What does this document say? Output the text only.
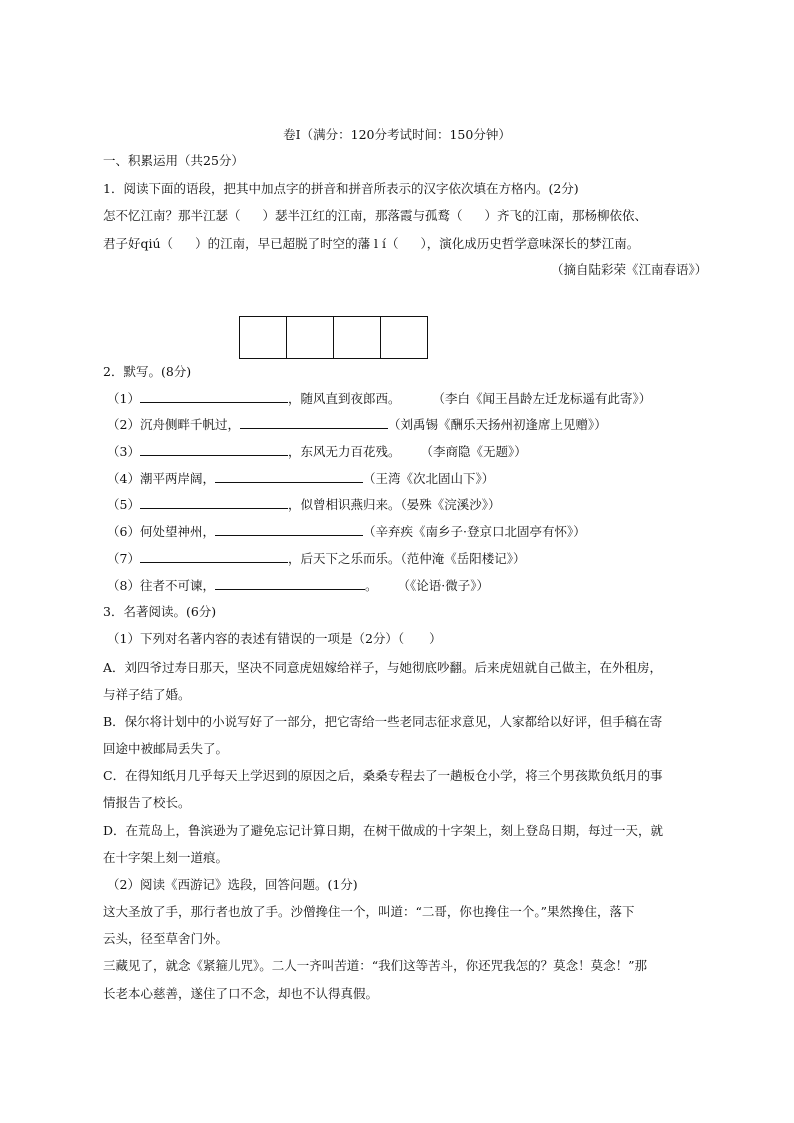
卷Ⅰ（满分：120分考试时间：150分钟）
一、积累运用（共25分）
1．阅读下面的语段，把其中加点字的拼音和拼音所表示的汉字依次填在方格内。(2分)
怎不忆江南？那半江瑟（ ）瑟半江红的江南，那落霞与孤鹜（ ）齐飞的江南，那杨柳依依、
君子好qiú（ ）的江南，早已超脱了时空的藩 l í（ ），演化成历史哲学意味深长的梦江南。
（摘自陆彩荣《江南春语》）
2．默写。(8分)
（1）	，随风直到夜郎西。	（李白《闻王昌龄左迁龙标遥有此寄》）
（2）沉舟侧畔千帆过，	（刘禹锡《酬乐天扬州初逢席上见赠》）
（3）	，东风无力百花残。 （李商隐《无题》）
（4）潮平两岸阔，	（王湾《次北固山下》）
（5）	，似曾相识燕归来。（晏殊《浣溪沙》）
（6）何处望神州，	（辛弃疾《南乡子·登京口北固亭有怀》）
（7）	，后天下之乐而乐。（范仲淹《岳阳楼记》）
（8）往者不可谏，	。 （《论语·微子》）
3．名著阅读。(6分)
（1）下列对名著内容的表述有错误的一项是（2分）（　　）
A．刘四爷过寿日那天，坚决不同意虎妞嫁给祥子，与她彻底吵翻。后来虎妞就自己做主，在外租房，
与祥子结了婚。
B．保尔将计划中的小说写好了一部分，把它寄给一些老同志征求意见，人家都给以好评，但手稿在寄
回途中被邮局丢失了。
C．在得知纸月几乎每天上学迟到的原因之后，桑桑专程去了一趟板仓小学，将三个男孩欺负纸月的事
情报告了校长。
D．在荒岛上，鲁滨逊为了避免忘记计算日期，在树干做成的十字架上，刻上登岛日期，每过一天，就
在十字架上刻一道痕。
（2）阅读《西游记》选段，回答问题。(1分)
这大圣放了手，那行者也放了手。沙僧搀住一个，叫道：“二哥，你也搀住一个。”果然搀住，落下
云头，径至草舍门外。
三藏见了，就念《紧箍儿咒》。二人一齐叫苦道：“我们这等苦斗，你还咒我怎的？莫念！莫念！”那
长老本心慈善，遂住了口不念，却也不认得真假。
